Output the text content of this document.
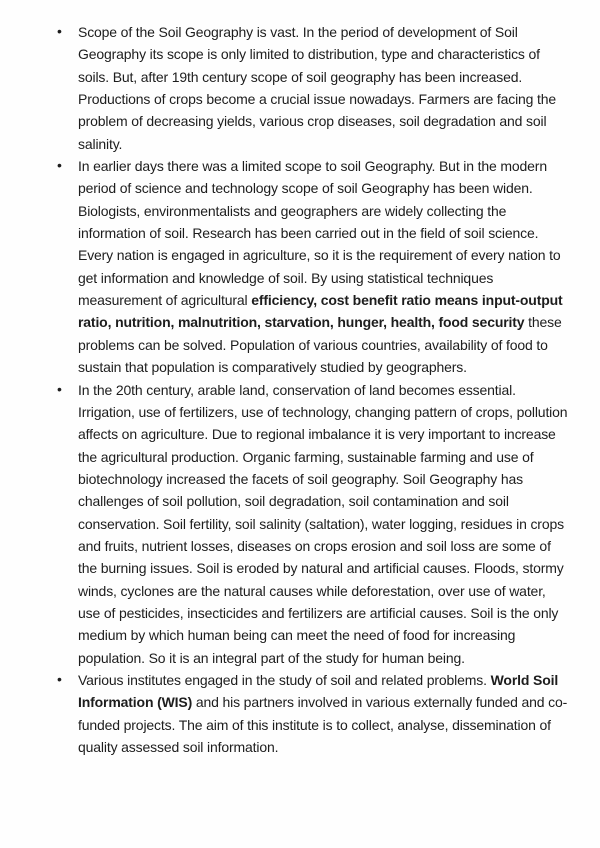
• Scope of the Soil Geography is vast. In the period of development of Soil Geography its scope is only limited to distribution, type and characteristics of soils. But, after 19th century scope of soil geography has been increased. Productions of crops become a crucial issue nowadays. Farmers are facing the problem of decreasing yields, various crop diseases, soil degradation and soil salinity.
• In earlier days there was a limited scope to soil Geography. But in the modern period of science and technology scope of soil Geography has been widen. Biologists, environmentalists and geographers are widely collecting the information of soil. Research has been carried out in the field of soil science. Every nation is engaged in agriculture, so it is the requirement of every nation to get information and knowledge of soil. By using statistical techniques measurement of agricultural efficiency, cost benefit ratio means input-output ratio, nutrition, malnutrition, starvation, hunger, health, food security these problems can be solved. Population of various countries, availability of food to sustain that population is comparatively studied by geographers.
• In the 20th century, arable land, conservation of land becomes essential. Irrigation, use of fertilizers, use of technology, changing pattern of crops, pollution affects on agriculture. Due to regional imbalance it is very important to increase the agricultural production. Organic farming, sustainable farming and use of biotechnology increased the facets of soil geography. Soil Geography has challenges of soil pollution, soil degradation, soil contamination and soil conservation. Soil fertility, soil salinity (saltation), water logging, residues in crops and fruits, nutrient losses, diseases on crops erosion and soil loss are some of the burning issues. Soil is eroded by natural and artificial causes. Floods, stormy winds, cyclones are the natural causes while deforestation, over use of water, use of pesticides, insecticides and fertilizers are artificial causes. Soil is the only medium by which human being can meet the need of food for increasing population. So it is an integral part of the study for human being.
• Various institutes engaged in the study of soil and related problems. World Soil Information (WIS) and his partners involved in various externally funded and co-funded projects. The aim of this institute is to collect, analyse, dissemination of quality assessed soil information.
